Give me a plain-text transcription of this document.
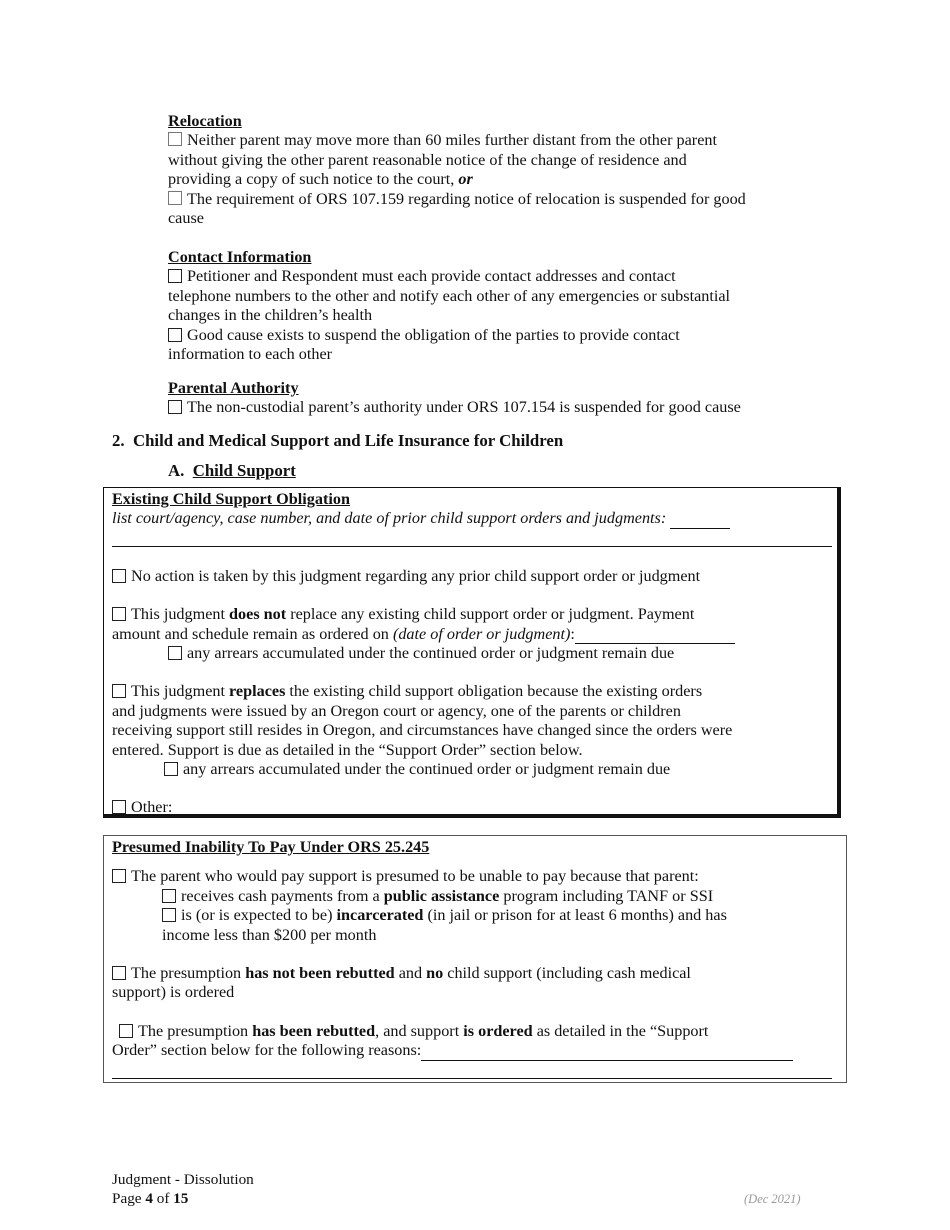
Relocation
Neither parent may move more than 60 miles further distant from the other parent
without giving the other parent reasonable notice of the change of residence and
providing a copy of such notice to the court, or
The requirement of ORS 107.159 regarding notice of relocation is suspended for good
cause
Contact Information
Petitioner and Respondent must each provide contact addresses and contact
telephone numbers to the other and notify each other of any emergencies or substantial
changes in the children’s health
Good cause exists to suspend the obligation of the parties to provide contact
information to each other
Parental Authority
The non-custodial parent’s authority under ORS 107.154 is suspended for good cause
2. Child and Medical Support and Life Insurance for Children
A. Child Support
Existing Child Support Obligation
list court/agency, case number, and date of prior child support orders and judgments:
No action is taken by this judgment regarding any prior child support order or judgment
This judgment does not replace any existing child support order or judgment. Payment
amount and schedule remain as ordered on (date of order or judgment):
any arrears accumulated under the continued order or judgment remain due
This judgment replaces the existing child support obligation because the existing orders
and judgments were issued by an Oregon court or agency, one of the parents or children
receiving support still resides in Oregon, and circumstances have changed since the orders were
entered. Support is due as detailed in the “Support Order” section below.
any arrears accumulated under the continued order or judgment remain due
Other:
Presumed Inability To Pay Under ORS 25.245
The parent who would pay support is presumed to be unable to pay because that parent:
receives cash payments from a public assistance program including TANF or SSI
is (or is expected to be) incarcerated (in jail or prison for at least 6 months) and has
income less than $200 per month
The presumption has not been rebutted and no child support (including cash medical
support) is ordered
The presumption has been rebutted, and support is ordered as detailed in the “Support
Order” section below for the following reasons:
Judgment - Dissolution
Page 4 of 15	(Dec 2021)
